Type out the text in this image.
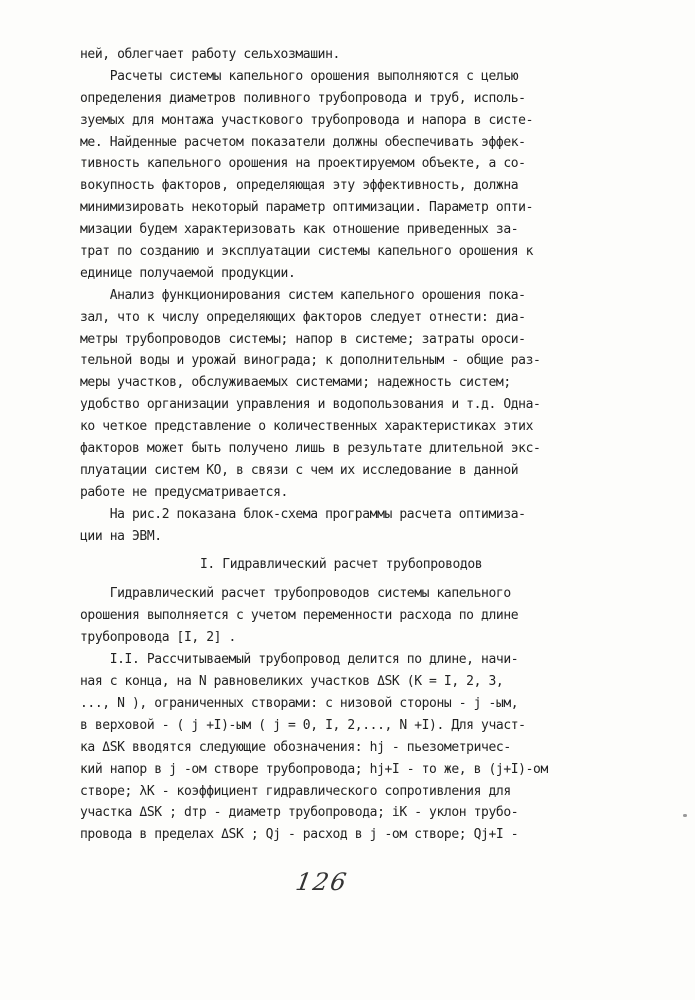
ней, облегчает работу сельхозмашин.
Расчеты системы капельного орошения выполняются с целью
определения диаметров поливного трубопровода и труб, исполь-
зуемых для монтажа участкового трубопровода и напора в систе-
ме. Найденные расчетом показатели должны обеспечивать эффек-
тивность капельного орошения на проектируемом объекте, а со-
вокупность факторов, определяющая эту эффективность, должна
минимизировать некоторый параметр оптимизации. Параметр опти-
мизации будем характеризовать как отношение приведенных за-
трат по созданию и эксплуатации системы капельного орошения к
единице получаемой продукции.
Анализ функционирования систем капельного орошения пока-
зал, что к числу определяющих факторов следует отнести: диа-
метры трубопроводов системы; напор в системе; затраты ороси-
тельной воды и урожай винограда; к дополнительным - общие раз-
меры участков, обслуживаемых системами; надежность систем;
удобство организации управления и водопользования и т.д. Одна-
ко четкое представление о количественных характеристиках этих
факторов может быть получено лишь в результате длительной экс-
плуатации систем КО, в связи с чем их исследование в данной
работе не предусматривается.
На рис.2 показана блок-схема программы расчета оптимиза-
ции на ЭВМ.
I. Гидравлический расчет трубопроводов
Гидравлический расчет трубопроводов системы капельного
орошения выполняется с учетом переменности расхода по длине
трубопровода [I, 2] .
I.I. Рассчитываемый трубопровод делится по длине, начи-
ная с конца, на N равновеликих участков ΔSK (К = I, 2, 3,
..., N ), ограниченных створами: с низовой стороны - j -ым,
в верховой - ( j +I)-ым ( j = 0, I, 2,..., N +I). Для участ-
ка ΔSK вводятся следующие обозначения: hj - пьезометричес-
кий напор в j -ом створе трубопровода; hj+I - то же, в (j+I)-ом
створе; λK - коэффициент гидравлического сопротивления для
участка ΔSK ; dтр - диаметр трубопровода; iK - уклон трубо-
провода в пределах ΔSK ; Qj - расход в j -ом створе; Qj+I -
126
